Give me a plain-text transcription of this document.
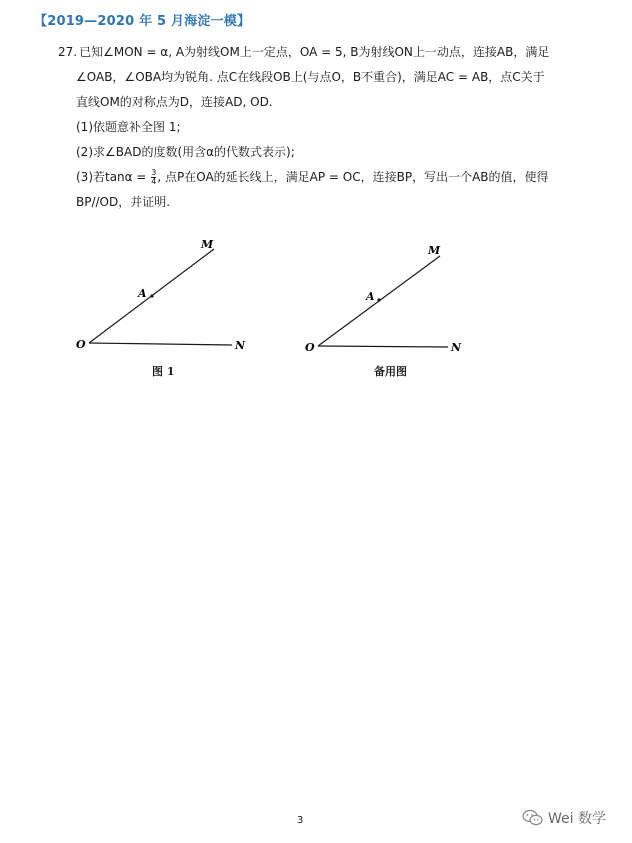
【2019—2020 年 5 月海淀一模】

27. 已知∠MON = α, A为射线OM上一定点，OA = 5, B为射线ON上一动点，连接AB，满足

∠OAB，∠OBA均为锐角. 点C在线段OB上(与点O，B不重合)，满足AC = AB，点C关于

直线OM的对称点为D，连接AD, OD.

(1)依题意补全图 1;

(2)求∠BAD的度数(用含α的代数式表示);

(3)若$\tan\alpha = \frac{3}{4}$ , 点P在OA的延长线上，满足AP = OC，连接BP，写出一个AB的值，使得

BP//OD，并证明.

O
A
M
N
图 1
O
A
M
N
备用图
3	Wei 数学
